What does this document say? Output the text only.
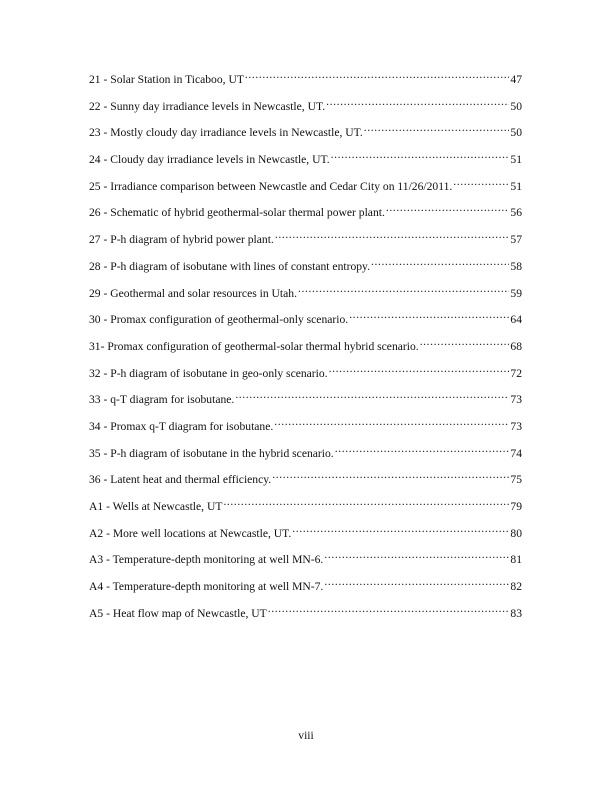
21 - Solar Station in Ticaboo, UT .....	47
22 - Sunny day irradiance levels in Newcastle, UT. .....	50
23 - Mostly cloudy day irradiance levels in Newcastle, UT. .....	50
24 - Cloudy day irradiance levels in Newcastle, UT. .....	51
25 - Irradiance comparison between Newcastle and Cedar City on 11/26/2011. .....	51
26 - Schematic of hybrid geothermal-solar thermal power plant. .....	56
27 - P-h diagram of hybrid power plant. .....	57
28 - P-h diagram of isobutane with lines of constant entropy. .....	58
29 - Geothermal and solar resources in Utah. .....	59
30 - Promax configuration of geothermal-only scenario. .....	64
31- Promax configuration of geothermal-solar thermal hybrid scenario. .....	68
32 - P-h diagram of isobutane in geo-only scenario. .....	72
33 - q-T diagram for isobutane. .....	73
34 - Promax q-T diagram for isobutane. .....	73
35 - P-h diagram of isobutane in the hybrid scenario. .....	74
36 - Latent heat and thermal efficiency. .....	75
A1 - Wells at Newcastle, UT .....	79
A2 - More well locations at Newcastle, UT. .....	80
A3 - Temperature-depth monitoring at well MN-6. .....	81
A4 - Temperature-depth monitoring at well MN-7. .....	82
A5 - Heat flow map of Newcastle, UT .....	83
viii
